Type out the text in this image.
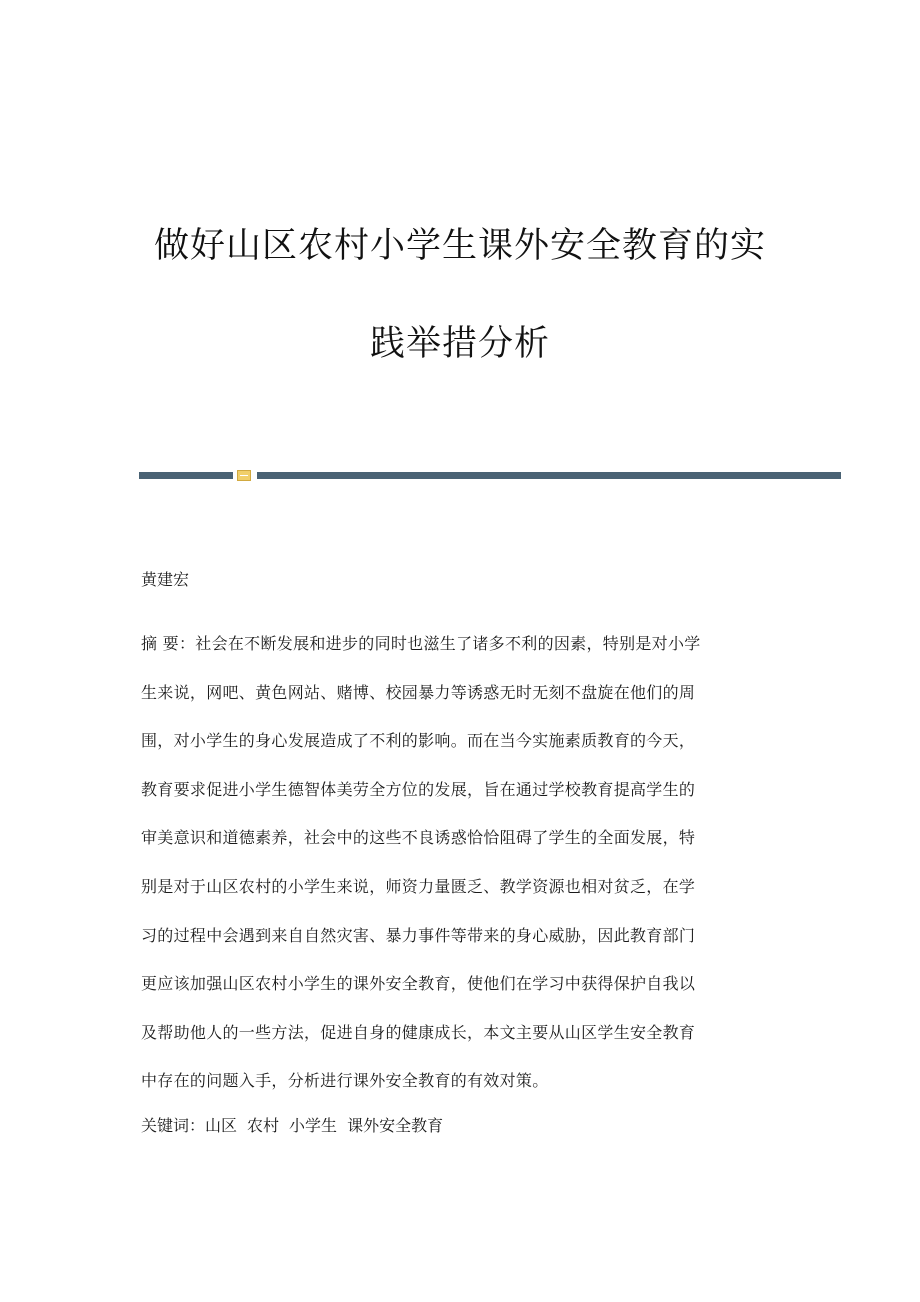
做好山区农村小学生课外安全教育的实
践举措分析

黄建宏

摘 要：社会在不断发展和进步的同时也滋生了诸多不利的因素，特别是对小学
生来说，网吧、黄色网站、赌博、校园暴力等诱惑无时无刻不盘旋在他们的周
围，对小学生的身心发展造成了不利的影响。而在当今实施素质教育的今天，
教育要求促进小学生德智体美劳全方位的发展，旨在通过学校教育提高学生的
审美意识和道德素养，社会中的这些不良诱惑恰恰阻碍了学生的全面发展，特
别是对于山区农村的小学生来说，师资力量匮乏、教学资源也相对贫乏，在学
习的过程中会遇到来自自然灾害、暴力事件等带来的身心威胁，因此教育部门
更应该加强山区农村小学生的课外安全教育，使他们在学习中获得保护自我以
及帮助他人的一些方法，促进自身的健康成长，本文主要从山区学生安全教育
中存在的问题入手，分析进行课外安全教育的有效对策。

关键词：山区 农村 小学生 课外安全教育
